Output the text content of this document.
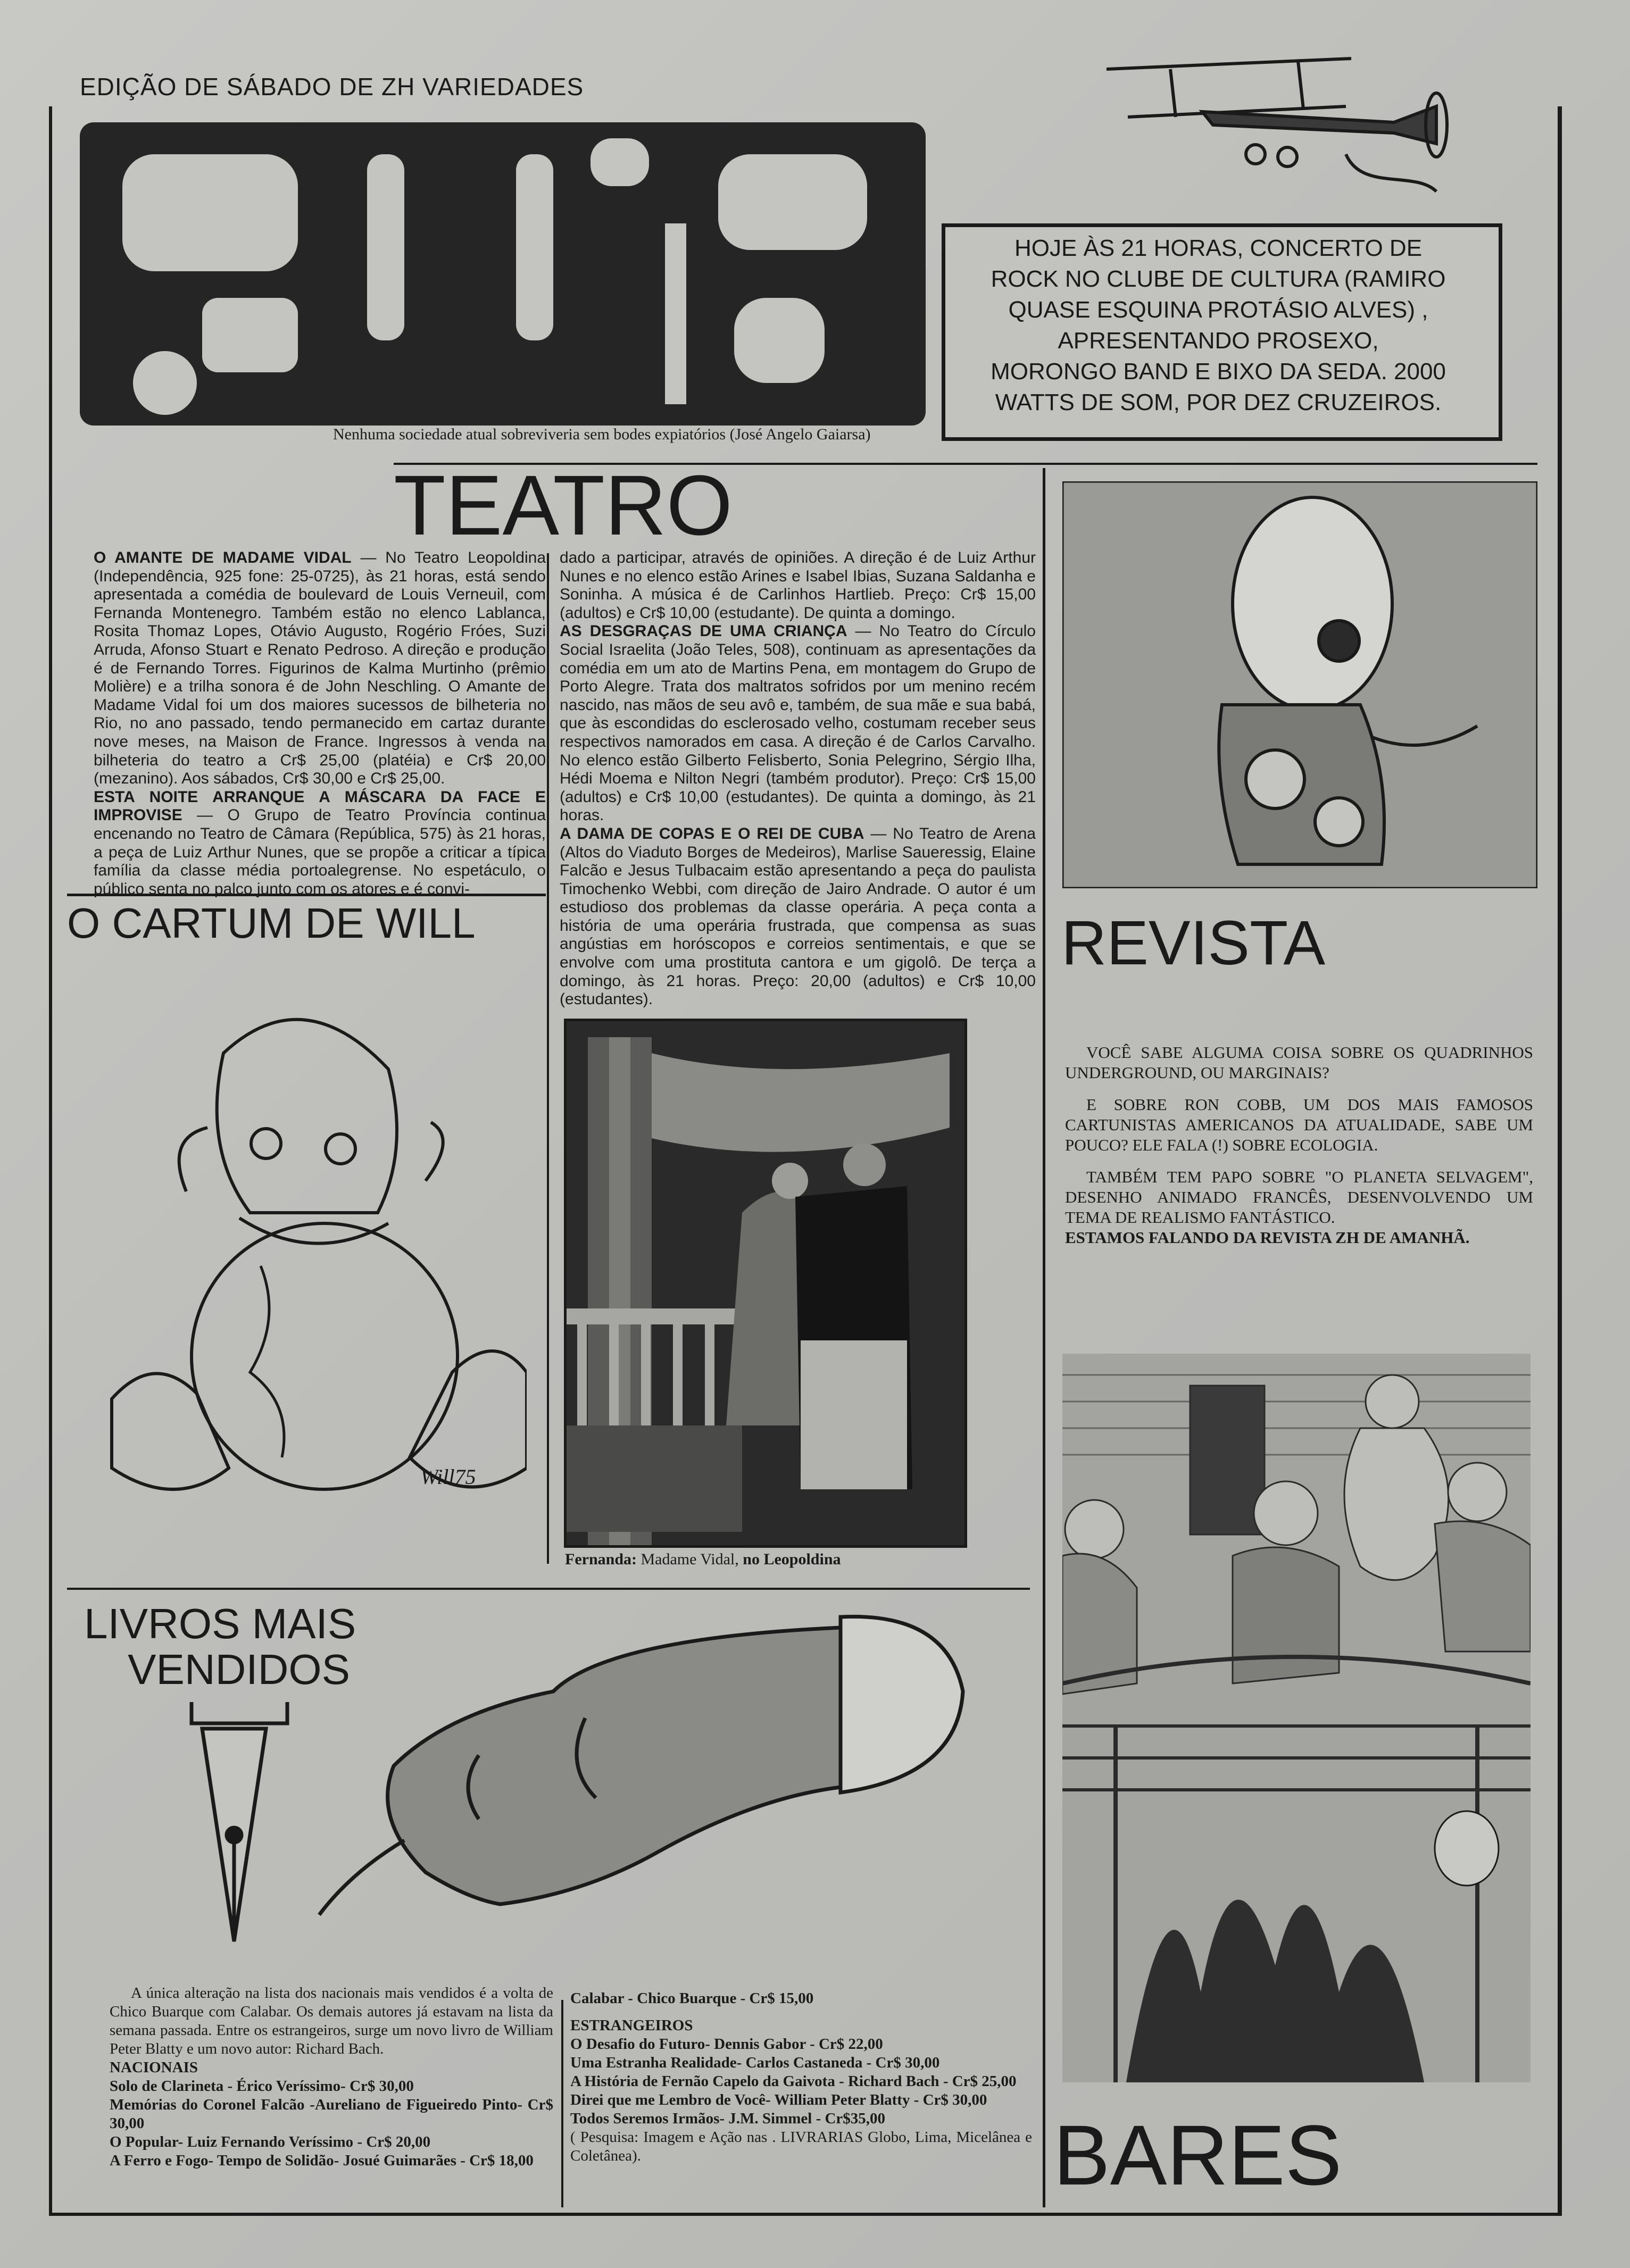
EDIÇÃO DE SÁBADO DE ZH VARIEDADES
guia
Nenhuma sociedade atual sobreviveria sem bodes expiatórios (José Angelo Gaiarsa)
HOJE ÀS 21 HORAS, CONCERTO DE
ROCK NO CLUBE DE CULTURA (RAMIRO
QUASE ESQUINA PROTÁSIO ALVES) ,
APRESENTANDO PROSEXO,
MORONGO BAND E BIXO DA SEDA. 2000
WATTS DE SOM, POR DEZ CRUZEIROS.
TEATRO

O AMANTE DE MADAME VIDAL — No Teatro Leopoldina (Independência, 925 fone: 25-0725), às 21 horas, está sendo apresentada a comédia de boulevard de Louis Verneuil, com Fernanda Montenegro. Também estão no elenco Lablanca, Rosita Thomaz Lopes, Otávio Augusto, Rogério Fróes, Suzi Arruda, Afonso Stuart e Renato Pedroso. A direção e produção é de Fernando Torres. Figurinos de Kalma Murtinho (prêmio Molière) e a trilha sonora é de John Neschling. O Amante de Madame Vidal foi um dos maiores sucessos de bilheteria no Rio, no ano passado, tendo permanecido em cartaz durante nove meses, na Maison de France. Ingressos à venda na bilheteria do teatro a Cr$ 25,00 (platéia) e Cr$ 20,00 (mezanino). Aos sábados, Cr$ 30,00 e Cr$ 25,00.

ESTA NOITE ARRANQUE A MÁSCARA DA FACE E IMPROVISE — O Grupo de Teatro Província continua encenando no Teatro de Câmara (República, 575) às 21 horas, a peça de Luiz Arthur Nunes, que se propõe a criticar a típica família da classe média portoalegrense. No espetáculo, o público senta no palco junto com os atores e é convi-

dado a participar, através de opiniões. A direção é de Luiz Arthur Nunes e no elenco estão Arines e Isabel Ibias, Suzana Saldanha e Soninha. A música é de Carlinhos Hartlieb. Preço: Cr$ 15,00 (adultos) e Cr$ 10,00 (estudante). De quinta a domingo.

AS DESGRAÇAS DE UMA CRIANÇA — No Teatro do Círculo Social Israelita (João Teles, 508), continuam as apresentações da comédia em um ato de Martins Pena, em montagem do Grupo de Porto Alegre. Trata dos maltratos sofridos por um menino recém nascido, nas mãos de seu avô e, também, de sua mãe e sua babá, que às escondidas do esclerosado velho, costumam receber seus respectivos namorados em casa. A direção é de Carlos Carvalho. No elenco estão Gilberto Felisberto, Sonia Pelegrino, Sérgio Ilha, Hédi Moema e Nilton Negri (também produtor). Preço: Cr$ 15,00 (adultos) e Cr$ 10,00 (estudantes). De quinta a domingo, às 21 horas.

A DAMA DE COPAS E O REI DE CUBA — No Teatro de Arena (Altos do Viaduto Borges de Medeiros), Marlise Saueressig, Elaine Falcão e Jesus Tulbacaim estão apresentando a peça do paulista Timochenko Webbi, com direção de Jairo Andrade. O autor é um estudioso dos problemas da classe operária. A peça conta a história de uma operária frustrada, que compensa as suas angústias em horóscopos e correios sentimentais, e que se envolve com uma prostituta cantora e um gigolô. De terça a domingo, às 21 horas. Preço: 20,00 (adultos) e Cr$ 10,00 (estudantes).

Fernanda: Madame Vidal, no Leopoldina
O CARTUM DE WILL
Will75
REVISTA

VOCÊ SABE ALGUMA COISA SOBRE OS QUADRINHOS UNDERGROUND, OU MARGINAIS?

E SOBRE RON COBB, UM DOS MAIS FAMOSOS CARTUNISTAS AMERICANOS DA ATUALIDADE, SABE UM POUCO? ELE FALA (!) SOBRE ECOLOGIA.

TAMBÉM TEM PAPO SOBRE "O PLANETA SELVAGEM", DESENHO ANIMADO FRANCÊS, DESENVOLVENDO UM TEMA DE REALISMO FANTÁSTICO.

ESTAMOS FALANDO DA REVISTA ZH DE AMANHÃ.

BARES
LIVROS MAIS
VENDIDOS

A única alteração na lista dos nacionais mais vendidos é a volta de Chico Buarque com Calabar. Os demais autores já estavam na lista da semana passada. Entre os estrangeiros, surge um novo livro de William Peter Blatty e um novo autor: Richard Bach.

NACIONAIS

Solo de Clarineta - Érico Veríssimo- Cr$ 30,00

Memórias do Coronel Falcão -Aureliano de Figueiredo Pinto- Cr$ 30,00

O Popular- Luiz Fernando Veríssimo - Cr$ 20,00

A Ferro e Fogo- Tempo de Solidão- Josué Guimarães - Cr$ 18,00

Calabar - Chico Buarque - Cr$ 15,00

ESTRANGEIROS

O Desafio do Futuro- Dennis Gabor - Cr$ 22,00

Uma Estranha Realidade- Carlos Castaneda - Cr$ 30,00

A História de Fernão Capelo da Gaivota - Richard Bach - Cr$ 25,00

Direi que me Lembro de Você- William Peter Blatty - Cr$ 30,00

Todos Seremos Irmãos- J.M. Simmel - Cr$35,00

( Pesquisa: Imagem e Ação nas . LIVRARIAS Globo, Lima, Micelânea e Coletânea).
